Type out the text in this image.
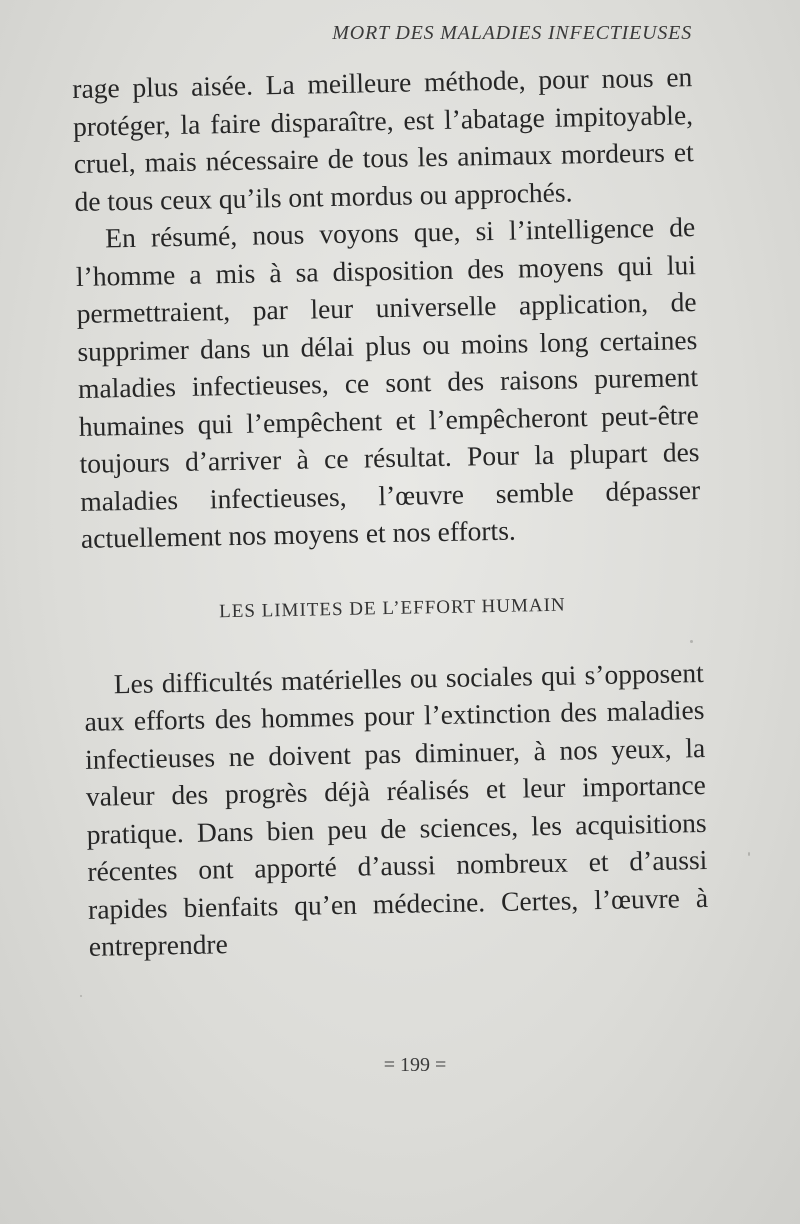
MORT DES MALADIES INFECTIEUSES

rage plus aisée. La meilleure méthode, pour nous en protéger, la faire disparaître, est l’abatage impitoyable, cruel, mais nécessaire de tous les animaux mordeurs et de tous ceux qu’ils ont mordus ou approchés.

En résumé, nous voyons que, si l’intelligence de l’homme a mis à sa disposition des moyens qui lui permettraient, par leur universelle application, de supprimer dans un délai plus ou moins long certaines maladies infectieuses, ce sont des raisons purement humaines qui l’empêchent et l’empêcheront peut-être toujours d’arriver à ce résultat. Pour la plupart des maladies infectieuses, l’œuvre semble dépasser actuellement nos moyens et nos efforts.

LES LIMITES DE L’EFFORT HUMAIN

Les difficultés matérielles ou sociales qui s’opposent aux efforts des hommes pour l’extinction des maladies infectieuses ne doivent pas diminuer, à nos yeux, la valeur des progrès déjà réalisés et leur importance pratique. Dans bien peu de sciences, les acquisitions récentes ont apporté d’aussi nombreux et d’aussi rapides bienfaits qu’en médecine. Certes, l’œuvre à entreprendre

= 199 =
